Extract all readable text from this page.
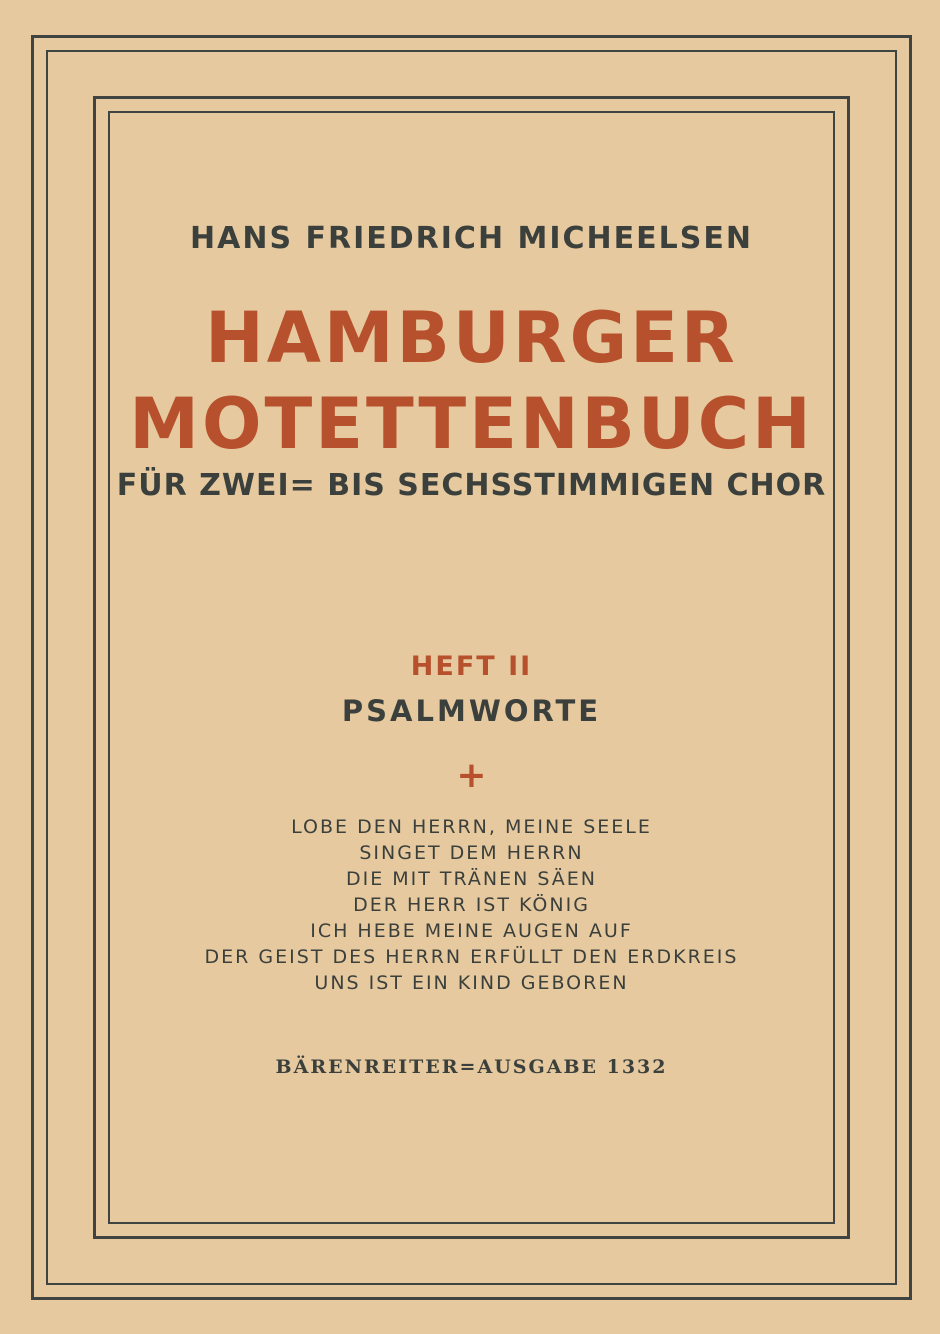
HANS FRIEDRICH MICHEELSEN
HAMBURGER
MOTETTENBUCH
FÜR ZWEI= BIS SECHSSTIMMIGEN CHOR
HEFT II
PSALMWORTE
+
LOBE DEN HERRN, MEINE SEELE
SINGET DEM HERRN
DIE MIT TRÄNEN SÄEN
DER HERR IST KÖNIG
ICH HEBE MEINE AUGEN AUF
DER GEIST DES HERRN ERFÜLLT DEN ERDKREIS
UNS IST EIN KIND GEBOREN
BÄRENREITER=AUSGABE 1332
